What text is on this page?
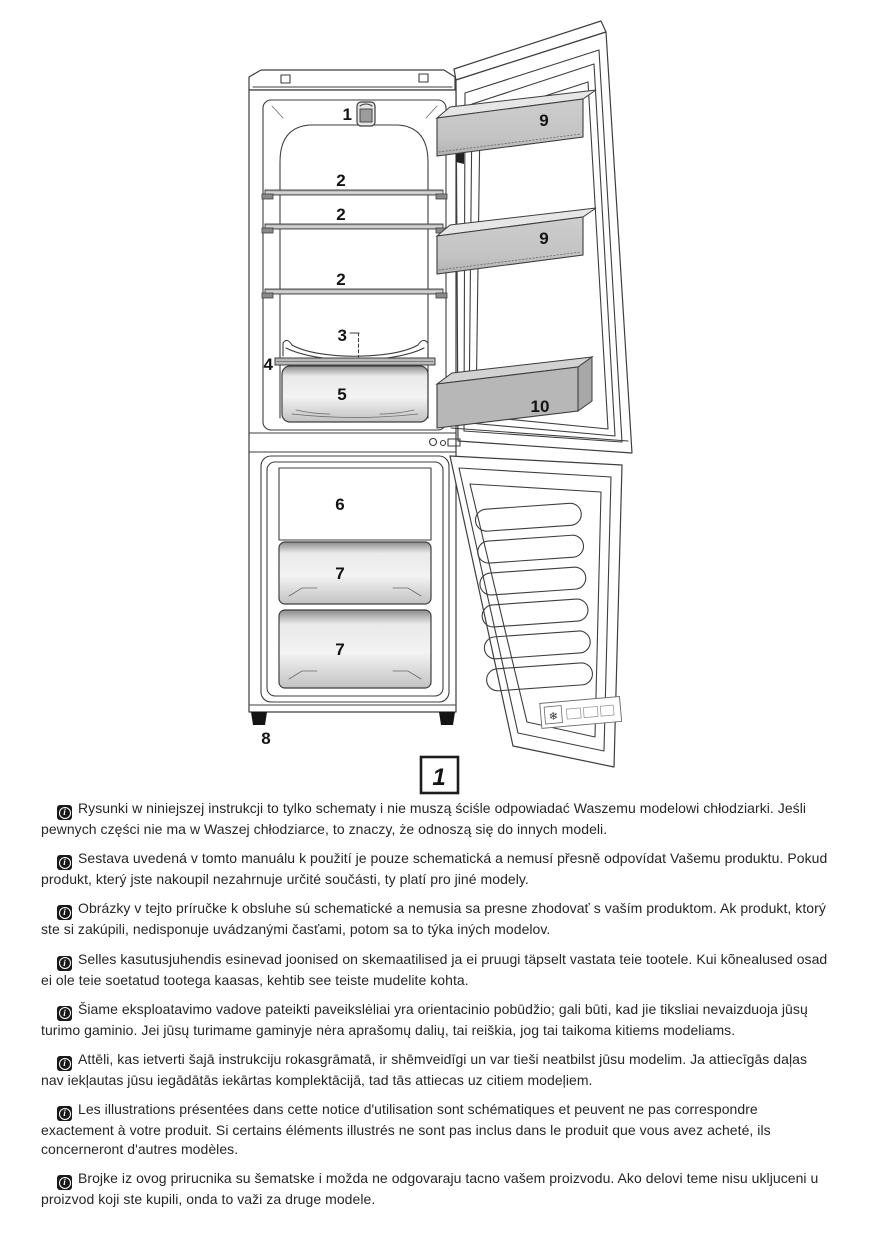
1
2
2
2
3
4
5
6
7
7
8
9
9
10
❄
1

i Rysunki w niniejszej instrukcji to tylko schematy i nie muszą ściśle odpowiadać Waszemu modelowi chłodziarki. Jeśli pewnych części nie ma w Waszej chłodziarce, to znaczy, że odnoszą się do innych modeli.

i Sestava uvedená v tomto manuálu k použití je pouze schematická a nemusí přesně odpovídat Vašemu produktu. Pokud produkt, který jste nakoupil nezahrnuje určité součásti, ty platí pro jiné modely.

i Obrázky v tejto príručke k obsluhe sú schematické a nemusia sa presne zhodovať s vaším produktom. Ak produkt, ktorý ste si zakúpili, nedisponuje uvádzanými časťami, potom sa to týka iných modelov.

i Selles kasutusjuhendis esinevad joonised on skemaatilised ja ei pruugi täpselt vastata teie tootele. Kui kõnealused osad ei ole teie soetatud tootega kaasas, kehtib see teiste mudelite kohta.

i Šiame eksploatavimo vadove pateikti paveikslėliai yra orientacinio pobūdžio; gali būti, kad jie tiksliai nevaizduoja jūsų turimo gaminio. Jei jūsų turimame gaminyje nėra aprašomų dalių, tai reiškia, jog tai taikoma kitiems modeliams.

i Attēli, kas ietverti šajā instrukciju rokasgrāmatā, ir shēmveidīgi un var tieši neatbilst jūsu modelim. Ja attiecīgās daļas nav iekļautas jūsu iegādātās iekārtas komplektācijā, tad tās attiecas uz citiem modeļiem.

i Les illustrations présentées dans cette notice d'utilisation sont schématiques et peuvent ne pas correspondre exactement à votre produit. Si certains éléments illustrés ne sont pas inclus dans le produit que vous avez acheté, ils concerneront d'autres modèles.

i Brojke iz ovog prirucnika su šematske i možda ne odgovaraju tacno vašem proizvodu. Ako delovi teme nisu ukljuceni u proizvod koji ste kupili, onda to važi za druge modele.
